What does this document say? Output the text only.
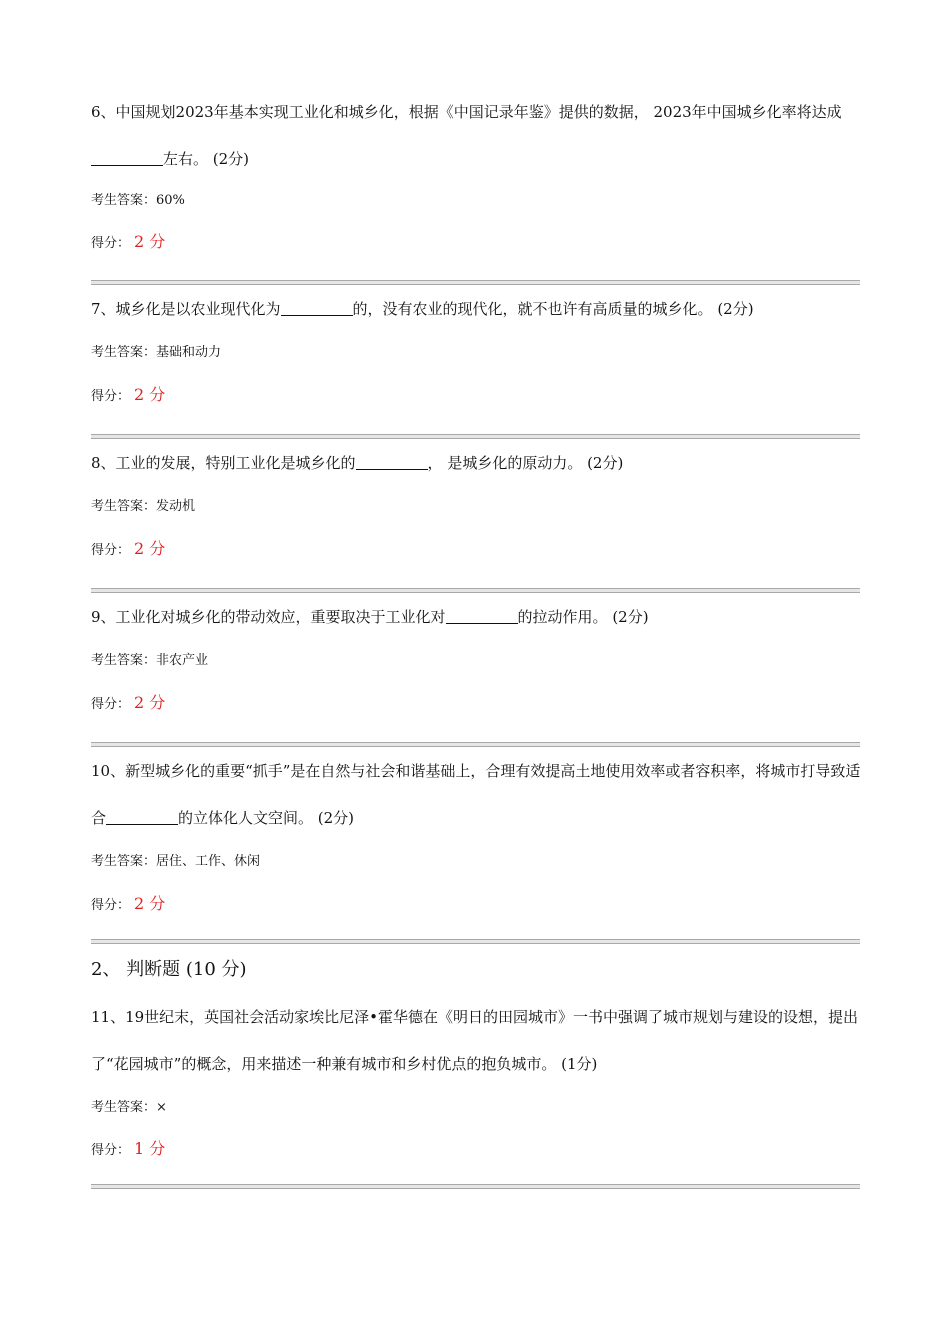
6、中国规划2023年基本实现工业化和城乡化，根据《中国记录年鉴》提供的数据， 2023年中国城乡化率将达成左右。 (2分)

考生答案：60%

得分： 2 分

7、城乡化是以农业现代化为	的，没有农业的现代化，就不也许有高质量的城乡化。 (2分)

考生答案：基础和动力

得分： 2 分

8、工业的发展，特别工业化是城乡化的	， 是城乡化的原动力。 (2分)

考生答案：发动机

得分： 2 分

9、工业化对城乡化的带动效应，重要取决于工业化对	的拉动作用。 (2分)

考生答案：非农产业

得分： 2 分

10、新型城乡化的重要“抓手”是在自然与社会和谐基础上，合理有效提高土地使用效率或者容积率，将城市打导致适合	的立体化人文空间。 (2分)

考生答案：居住、工作、休闲

得分： 2 分

2、 判断题 (10 分)

11、19世纪末，英国社会活动家埃比尼泽•霍华德在《明日的田园城市》一书中强调了城市规划与建设的设想，提出了“花园城市”的概念，用来描述一种兼有城市和乡村优点的抱负城市。 (1分)

考生答案：×

得分： 1 分
